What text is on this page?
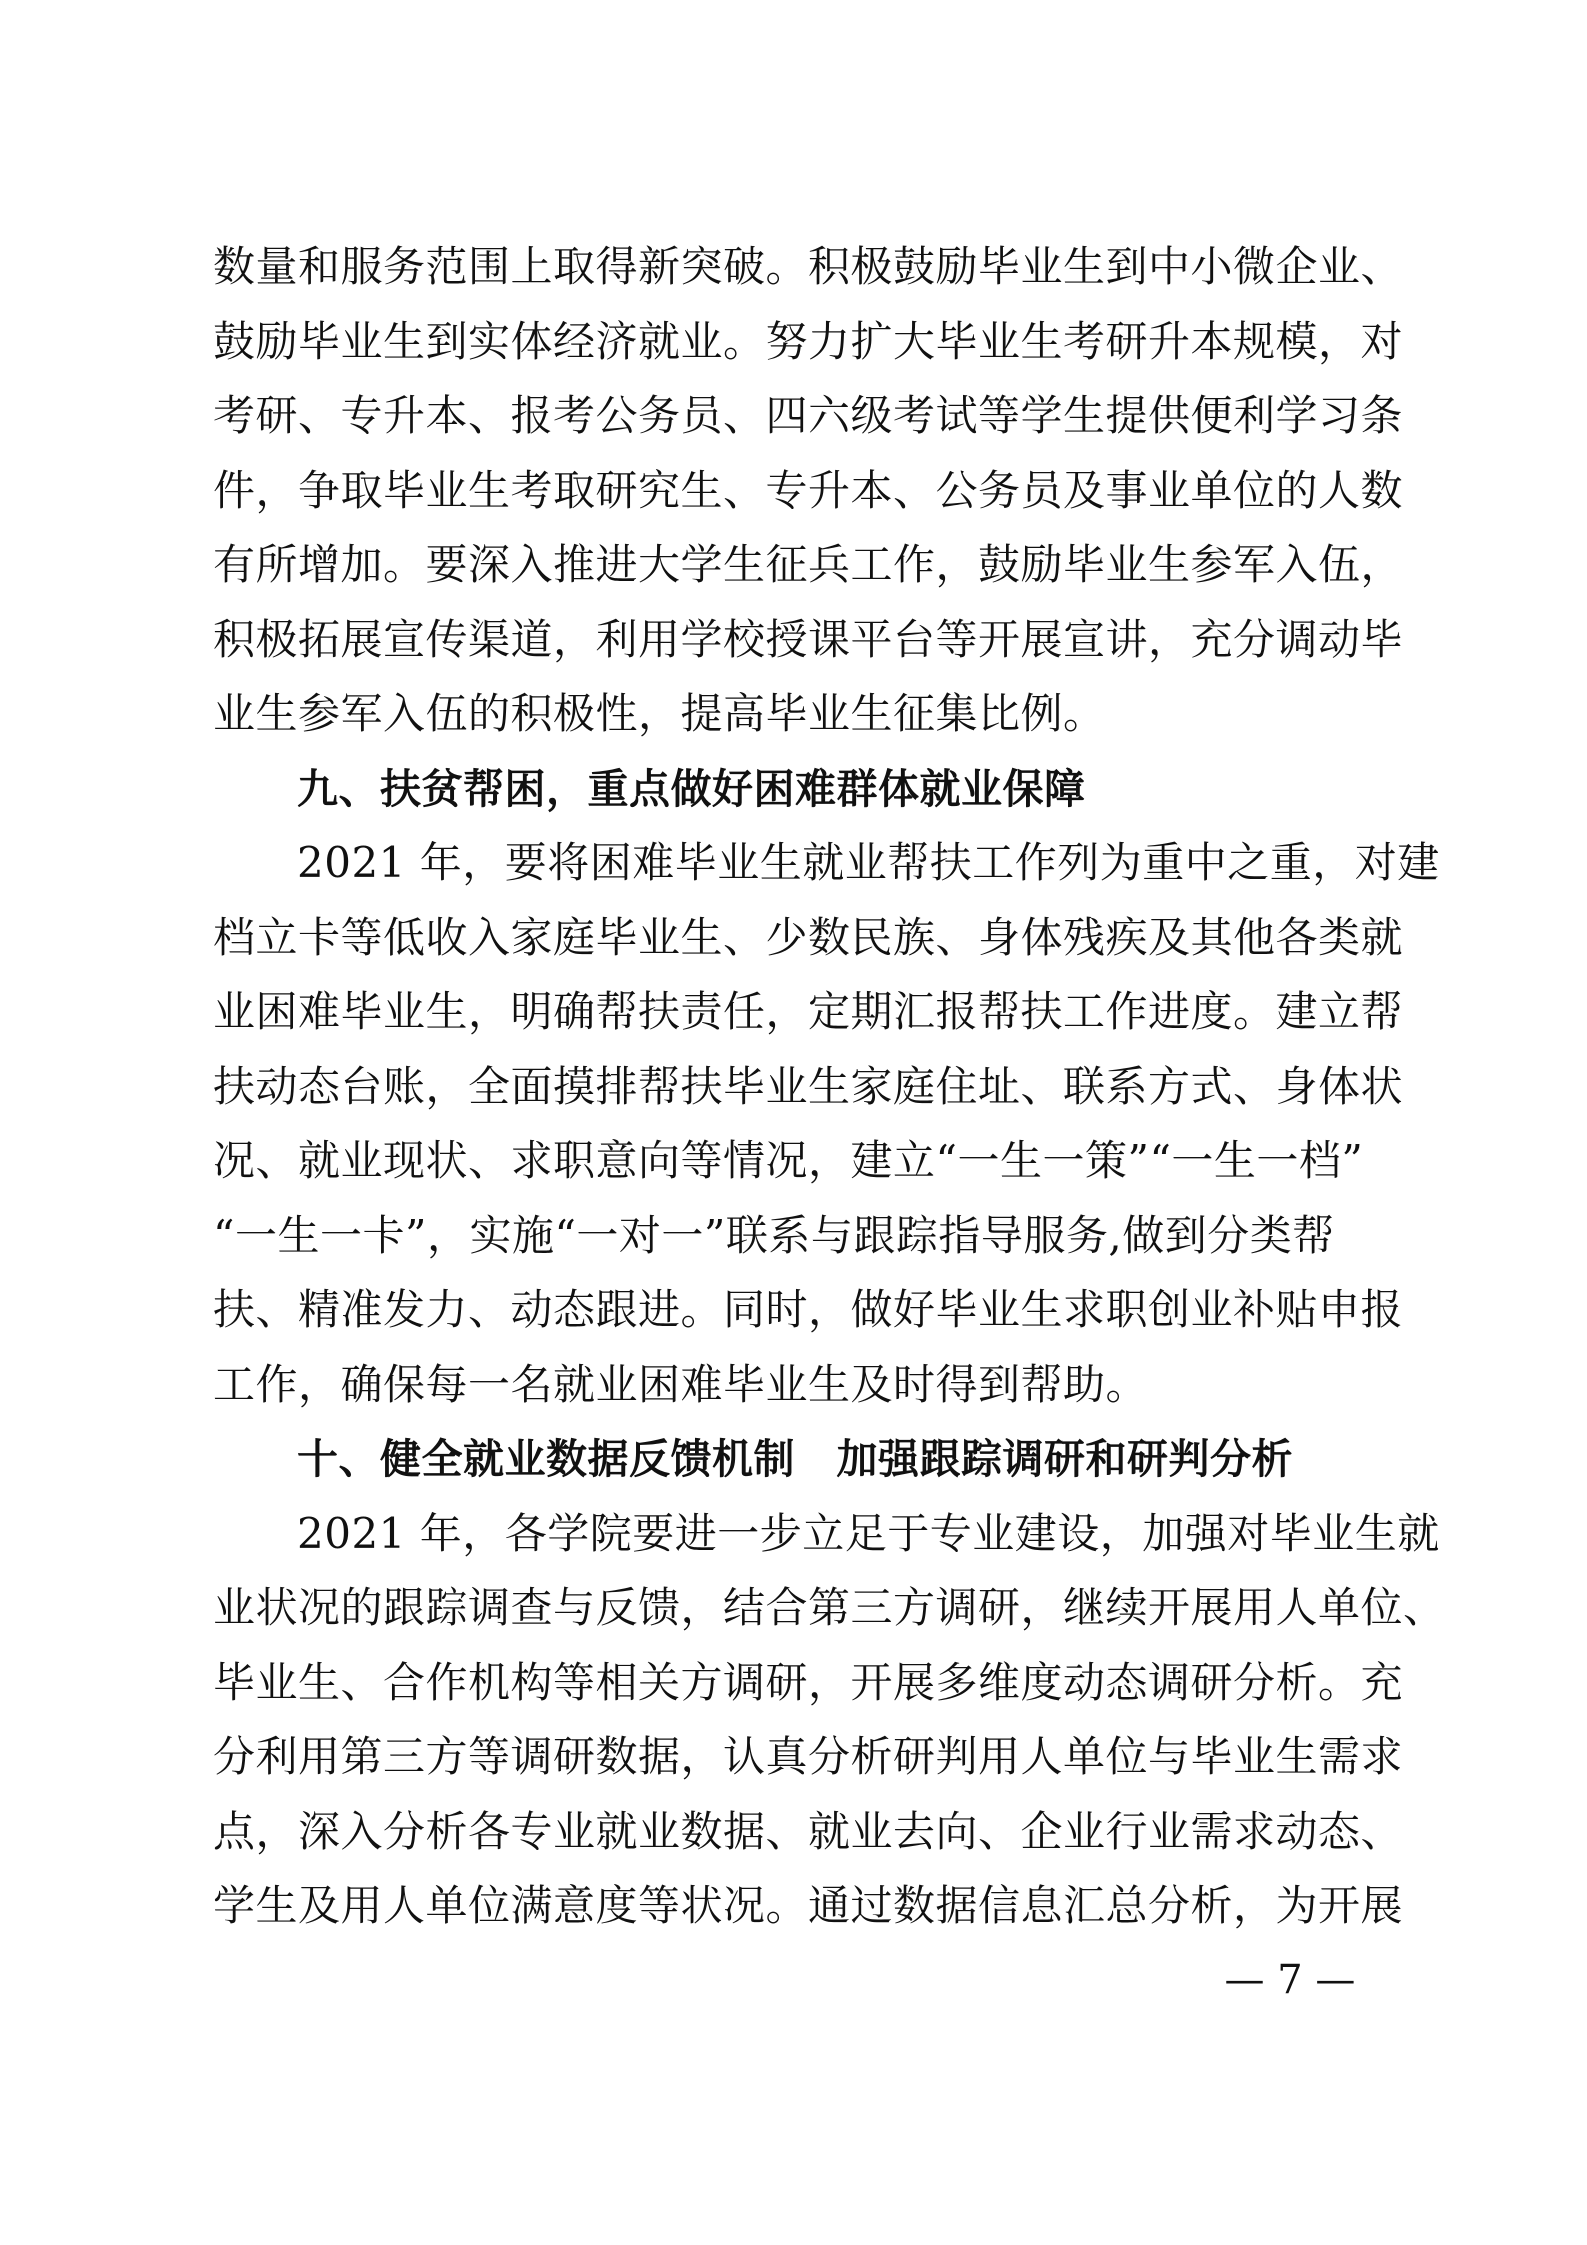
数量和服务范围上取得新突破。积极鼓励毕业生到中小微企业、
鼓励毕业生到实体经济就业。努力扩大毕业生考研升本规模，对
考研、专升本、报考公务员、四六级考试等学生提供便利学习条
件，争取毕业生考取研究生、专升本、公务员及事业单位的人数
有所增加。要深入推进大学生征兵工作，鼓励毕业生参军入伍，
积极拓展宣传渠道，利用学校授课平台等开展宣讲，充分调动毕
业生参军入伍的积极性，提高毕业生征集比例。
九、扶贫帮困，重点做好困难群体就业保障
2021 年，要将困难毕业生就业帮扶工作列为重中之重，对建
档立卡等低收入家庭毕业生、少数民族、身体残疾及其他各类就
业困难毕业生，明确帮扶责任，定期汇报帮扶工作进度。建立帮
扶动态台账，全面摸排帮扶毕业生家庭住址、联系方式、身体状
况、就业现状、求职意向等情况，建立“一生一策”“一生一档”
“一生一卡”，实施“一对一”联系与跟踪指导服务,做到分类帮
扶、精准发力、动态跟进。同时，做好毕业生求职创业补贴申报
工作，确保每一名就业困难毕业生及时得到帮助。
十、健全就业数据反馈机制　加强跟踪调研和研判分析
2021 年，各学院要进一步立足于专业建设，加强对毕业生就
业状况的跟踪调查与反馈，结合第三方调研，继续开展用人单位、
毕业生、合作机构等相关方调研，开展多维度动态调研分析。充
分利用第三方等调研数据，认真分析研判用人单位与毕业生需求
点，深入分析各专业就业数据、就业去向、企业行业需求动态、
学生及用人单位满意度等状况。通过数据信息汇总分析，为开展
— 7 —
